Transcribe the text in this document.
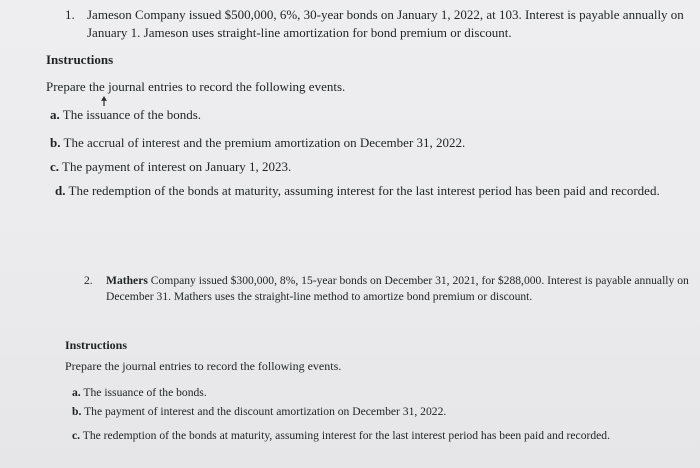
1. Jameson Company issued $500,000, 6%, 30-year bonds on January 1, 2022, at 103. Interest is payable annually on January 1. Jameson uses straight-line amortization for bond premium or discount.
Instructions
Prepare the journal entries to record the following events.
a. The issuance of the bonds.
b. The accrual of interest and the premium amortization on December 31, 2022.
c. The payment of interest on January 1, 2023.
d. The redemption of the bonds at maturity, assuming interest for the last interest period has been paid and recorded.
2. Mathers Company issued $300,000, 8%, 15-year bonds on December 31, 2021, for $288,000. Interest is payable annually on December 31. Mathers uses the straight-line method to amortize bond premium or discount.
Instructions
Prepare the journal entries to record the following events.
a. The issuance of the bonds.
b. The payment of interest and the discount amortization on December 31, 2022.
c. The redemption of the bonds at maturity, assuming interest for the last interest period has been paid and recorded.
